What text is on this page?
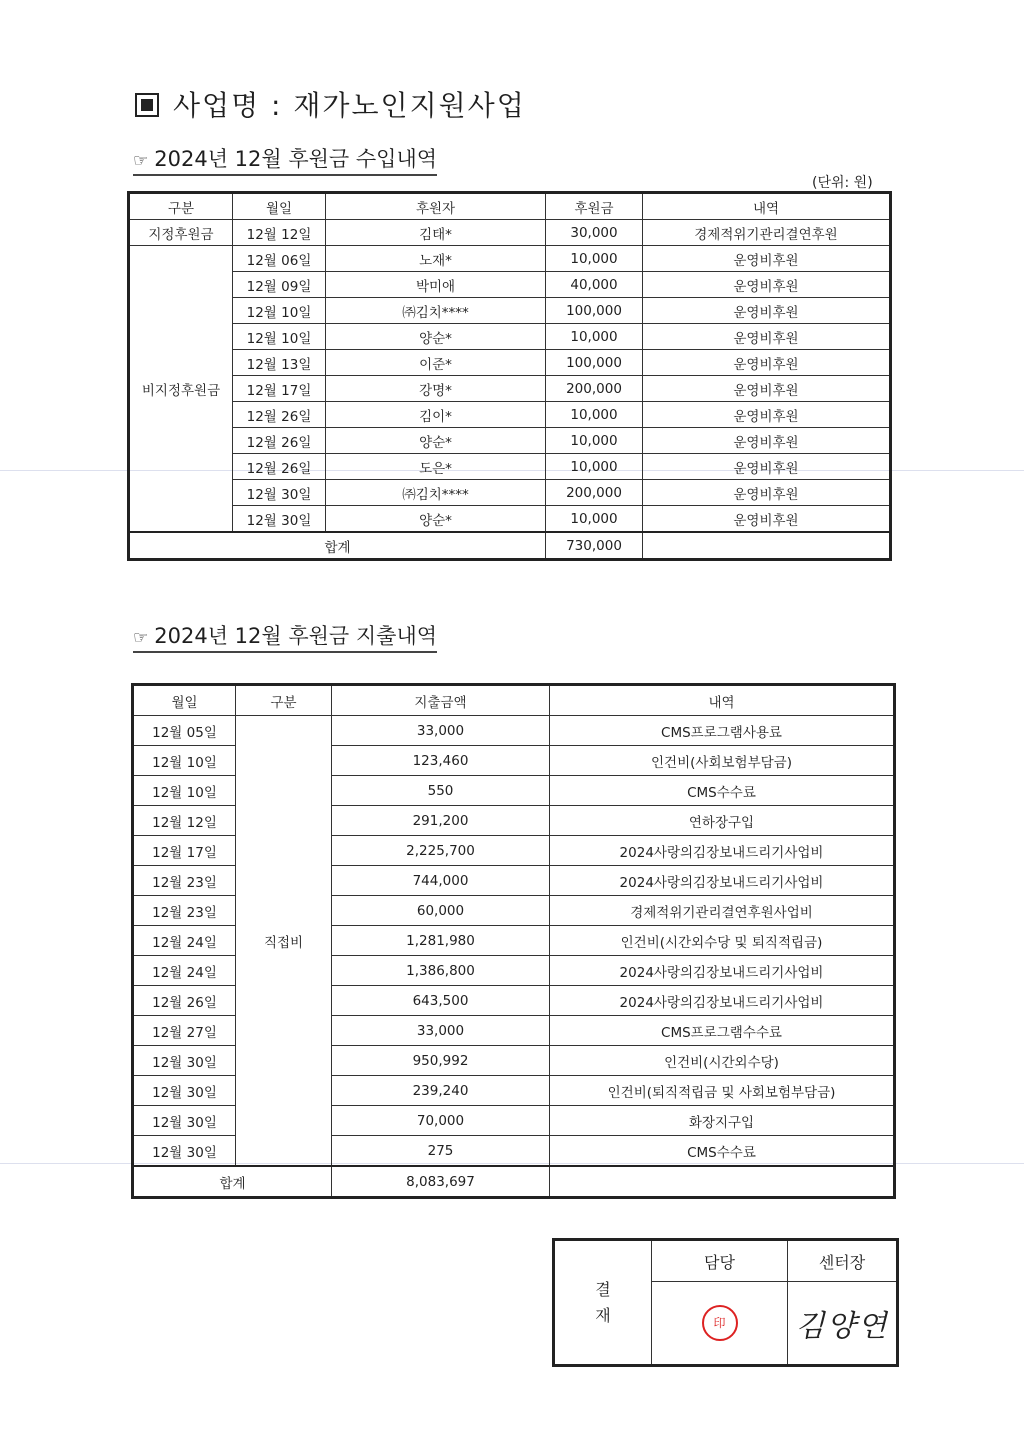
사업명 : 재가노인지원사업
☞ 2024년 12월 후원금 수입내역
(단위: 원)
구분	월일	후원자	후원금	내역
지정후원금	12월 12일	김태*	30,000	경제적위기관리결연후원
비지정후원금	12월 06일	노재*	10,000	운영비후원
	12월 09일	박미애	40,000	운영비후원
	12월 10일	㈜김치****	100,000	운영비후원
	12월 10일	양순*	10,000	운영비후원
	12월 13일	이준*	100,000	운영비후원
	12월 17일	강명*	200,000	운영비후원
	12월 26일	김이*	10,000	운영비후원
	12월 26일	양순*	10,000	운영비후원
	12월 26일	도은*	10,000	운영비후원
	12월 30일	㈜김치****	200,000	운영비후원
	12월 30일	양순*	10,000	운영비후원
합계			730,000	
☞ 2024년 12월 후원금 지출내역
월일	구분	지출금액	내역
12월 05일	직접비	33,000	CMS프로그램사용료
12월 10일		123,460	인건비(사회보험부담금)
12월 10일		550	CMS수수료
12월 12일		291,200	연하장구입
12월 17일		2,225,700	2024사랑의김장보내드리기사업비
12월 23일		744,000	2024사랑의김장보내드리기사업비
12월 23일		60,000	경제적위기관리결연후원사업비
12월 24일		1,281,980	인건비(시간외수당 및 퇴직적립금)
12월 24일		1,386,800	2024사랑의김장보내드리기사업비
12월 26일		643,500	2024사랑의김장보내드리기사업비
12월 27일		33,000	CMS프로그램수수료
12월 30일		950,992	인건비(시간외수당)
12월 30일		239,240	인건비(퇴직적립금 및 사회보험부담금)
12월 30일		70,000	화장지구입
12월 30일		275	CMS수수료
합계		8,083,697	
결
재	담당	센터장
	印	김양연
